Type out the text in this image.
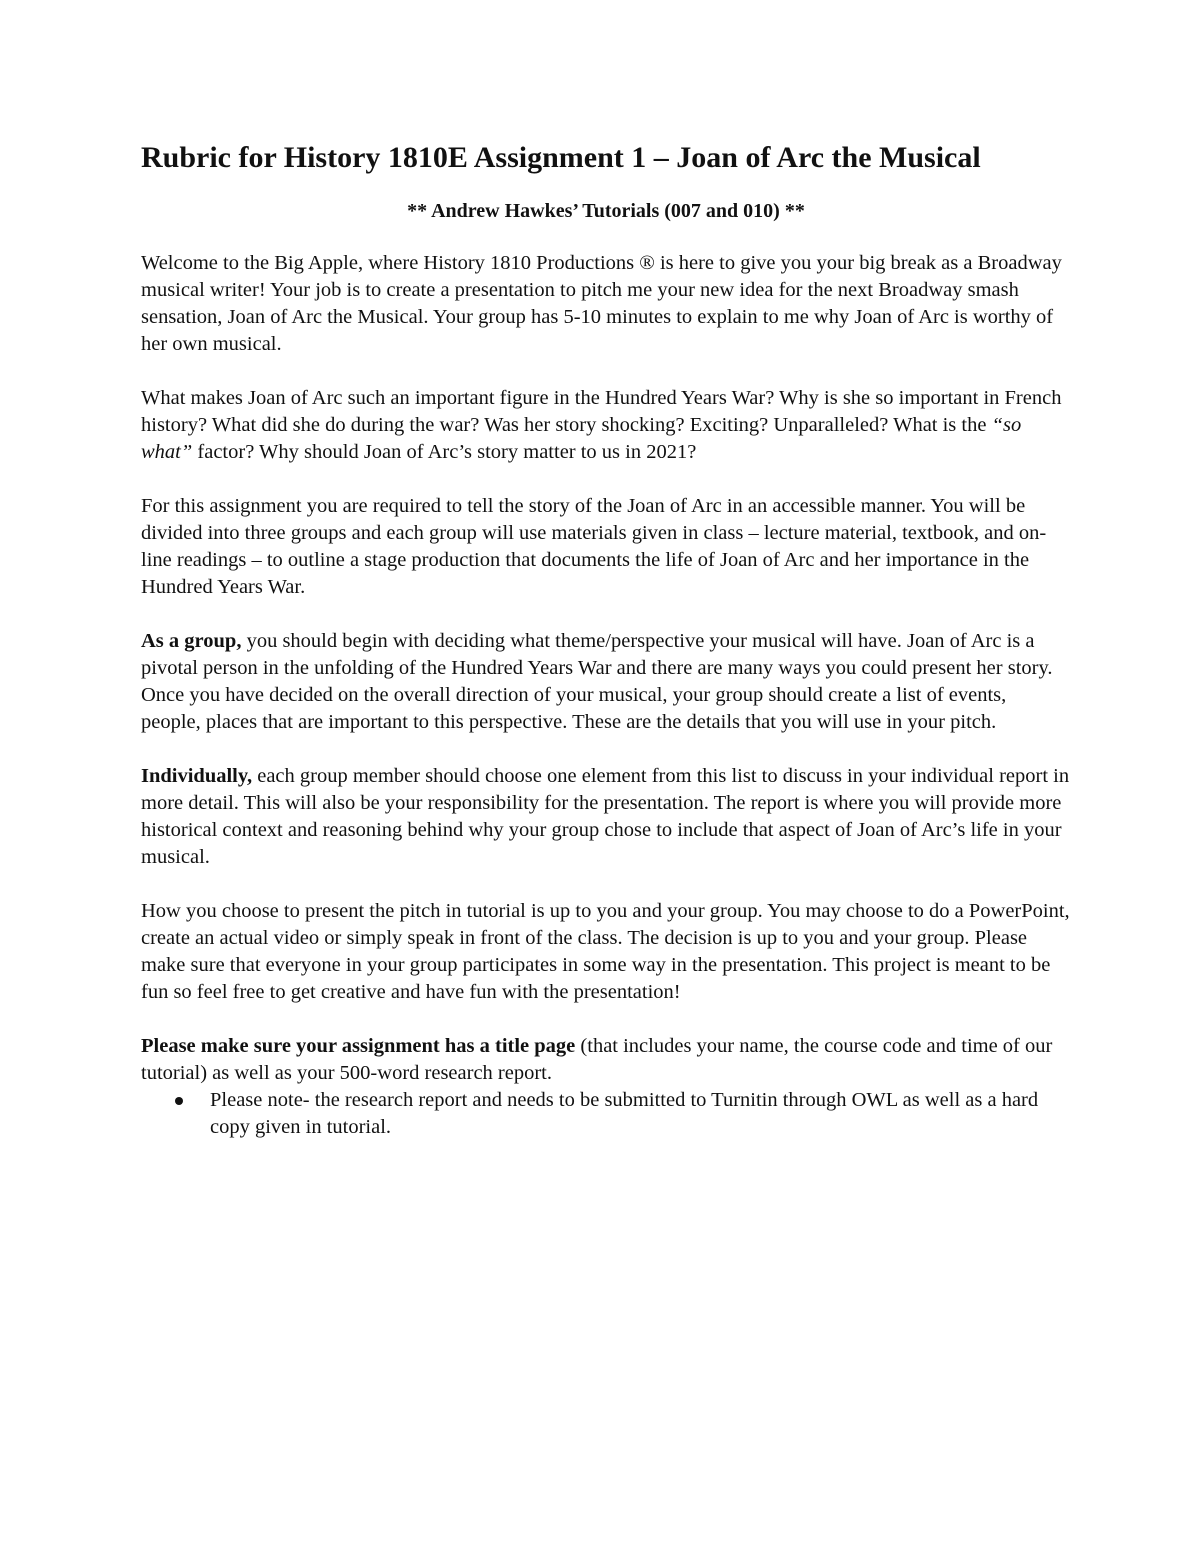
Rubric for History 1810E Assignment 1 – Joan of Arc the Musical
** Andrew Hawkes’ Tutorials (007 and 010) **

Welcome to the Big Apple, where History 1810 Productions ® is here to give you your big break as a Broadway musical writer! Your job is to create a presentation to pitch me your new idea for the next Broadway smash sensation, Joan of Arc the Musical. Your group has 5-10 minutes to explain to me why Joan of Arc is worthy of her own musical.

What makes Joan of Arc such an important figure in the Hundred Years War? Why is she so important in French history? What did she do during the war? Was her story shocking? Exciting? Unparalleled? What is the “so what” factor? Why should Joan of Arc’s story matter to us in 2021?

For this assignment you are required to tell the story of the Joan of Arc in an accessible manner. You will be divided into three groups and each group will use materials given in class – lecture material, textbook, and on-line readings – to outline a stage production that documents the life of Joan of Arc and her importance in the Hundred Years War.

As a group, you should begin with deciding what theme/perspective your musical will have. Joan of Arc is a pivotal person in the unfolding of the Hundred Years War and there are many ways you could present her story. Once you have decided on the overall direction of your musical, your group should create a list of events, people, places that are important to this perspective. These are the details that you will use in your pitch.

Individually, each group member should choose one element from this list to discuss in your individual report in more detail. This will also be your responsibility for the presentation. The report is where you will provide more historical context and reasoning behind why your group chose to include that aspect of Joan of Arc’s life in your musical.

How you choose to present the pitch in tutorial is up to you and your group. You may choose to do a PowerPoint, create an actual video or simply speak in front of the class. The decision is up to you and your group. Please make sure that everyone in your group participates in some way in the presentation. This project is meant to be fun so feel free to get creative and have fun with the presentation!

Please make sure your assignment has a title page (that includes your name, the course code and time of our tutorial) as well as your 500-word research report.

Please note- the research report and needs to be submitted to Turnitin through OWL as well as a hard copy given in tutorial.
